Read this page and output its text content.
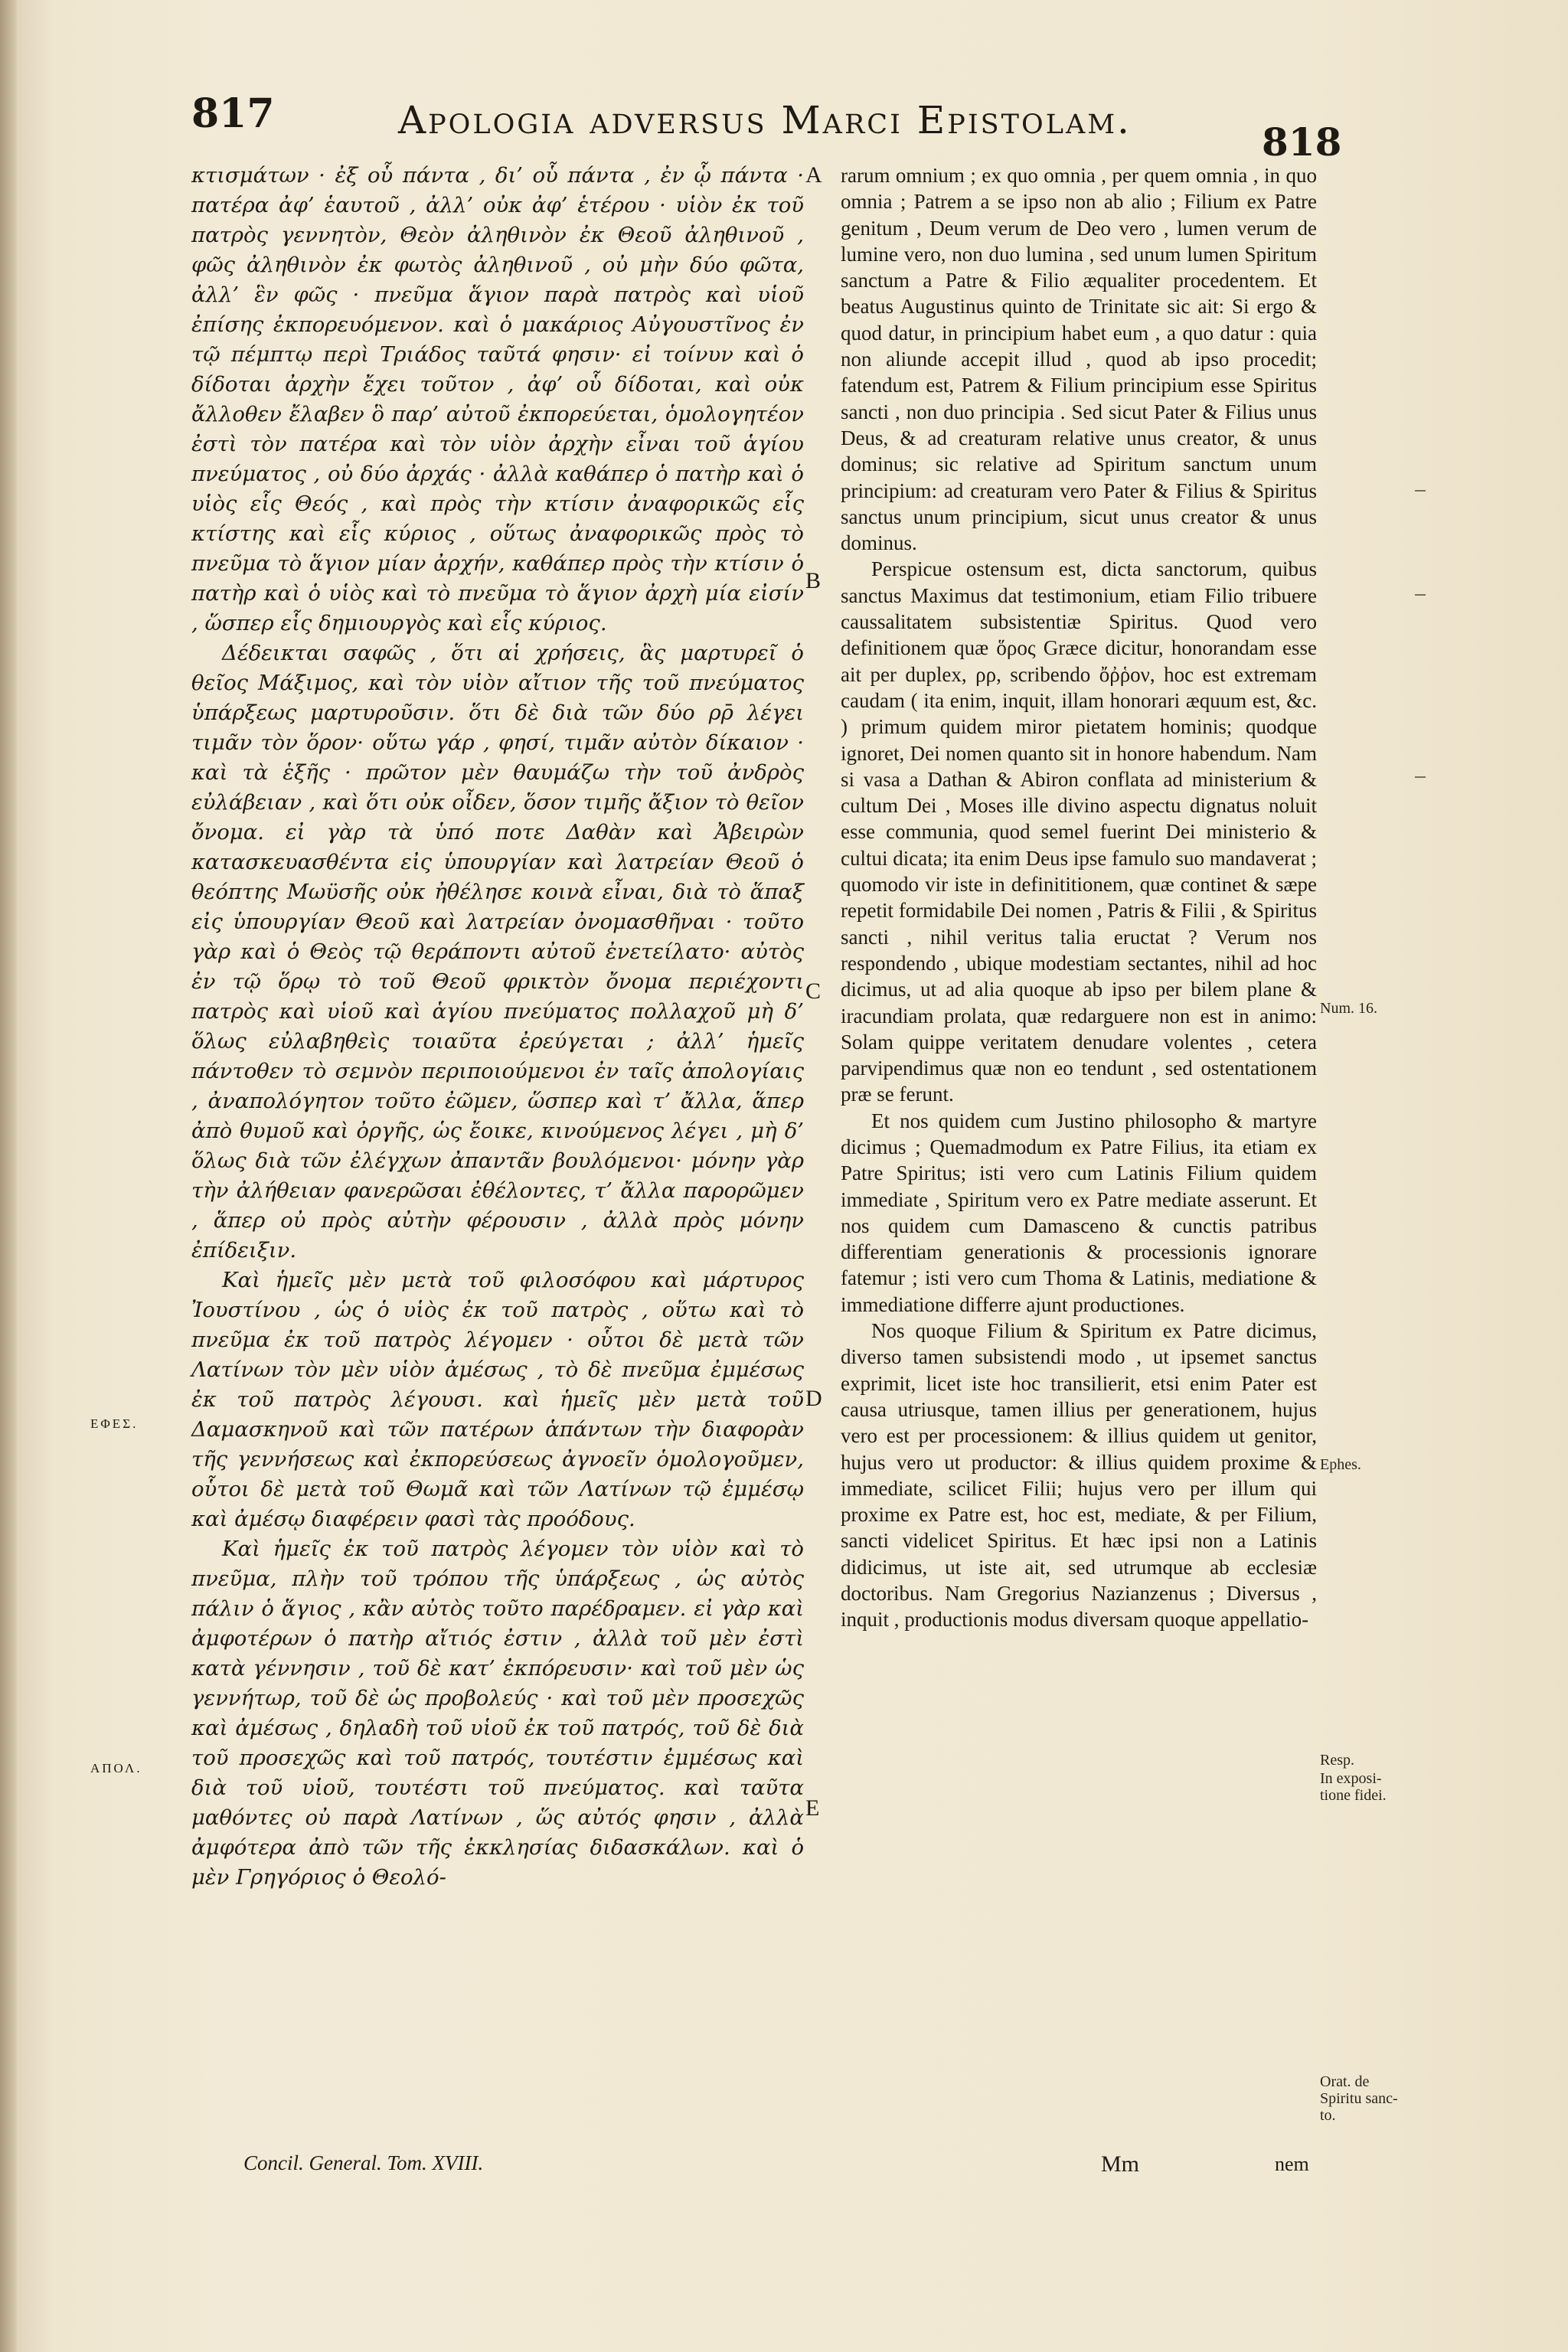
817	Apologia adversus Marci Epistolam.	818

κτισμάτων · ἐξ οὗ πάντα , δι’ οὗ πάντα , ἐν ᾧ πάντα · πατέρα ἀφ’ ἑαυτοῦ , ἀλλ’ οὐκ ἀφ’ ἑτέρου · υἱὸν ἐκ τοῦ πατρὸς γεννητὸν, Θεὸν ἀληθινὸν ἐκ Θεοῦ ἀληθινοῦ , φῶς ἀληθινὸν ἐκ φωτὸς ἀληθινοῦ , οὐ μὴν δύο φῶτα, ἀλλ’ ἓν φῶς · πνεῦμα ἅγιον παρὰ πατρὸς καὶ υἱοῦ ἐπίσης ἐκπορευόμενον. καὶ ὁ μακάριος Αὐγουστῖνος ἐν τῷ πέμπτῳ περὶ Τριάδος ταῦτά φησιν· εἰ τοίνυν καὶ ὁ δίδοται ἀρχὴν ἔχει τοῦτον , ἀφ’ οὗ δίδοται, καὶ οὐκ ἄλλοθεν ἔλαβεν ὃ παρ’ αὐτοῦ ἐκπορεύεται, ὁμολογητέον ἐστὶ τὸν πατέρα καὶ τὸν υἱὸν ἀρχὴν εἶναι τοῦ ἁγίου πνεύματος , οὐ δύο ἀρχάς · ἀλλὰ καθάπερ ὁ πατὴρ καὶ ὁ υἱὸς εἷς Θεός , καὶ πρὸς τὴν κτίσιν ἀναφορικῶς εἷς κτίστης καὶ εἷς κύριος , οὕτως ἀναφορικῶς πρὸς τὸ πνεῦμα τὸ ἅγιον μίαν ἀρχήν, καθάπερ πρὸς τὴν κτίσιν ὁ πατὴρ καὶ ὁ υἱὸς καὶ τὸ πνεῦμα τὸ ἅγιον ἀρχὴ μία εἰσίν , ὥσπερ εἷς δημιουργὸς καὶ εἷς κύριος.

Δέδεικται σαφῶς , ὅτι αἱ χρήσεις, ἃς μαρτυρεῖ ὁ θεῖος Μάξιμος, καὶ τὸν υἱὸν αἴτιον τῆς τοῦ πνεύματος ὑπάρξεως μαρτυροῦσιν. ὅτι δὲ διὰ τῶν δύο ρρ̄ λέγει τιμᾶν τὸν ὅρον· οὕτω γάρ , φησί, τιμᾶν αὐτὸν δίκαιον · καὶ τὰ ἑξῆς · πρῶτον μὲν θαυμάζω τὴν τοῦ ἀνδρὸς εὐλάβειαν , καὶ ὅτι οὐκ οἶδεν, ὅσον τιμῆς ἄξιον τὸ θεῖον ὄνομα. εἰ γὰρ τὰ ὑπό ποτε Δαθὰν καὶ Ἀβειρὼν κατασκευασθέντα εἰς ὑπουργίαν καὶ λατρείαν Θεοῦ ὁ θεόπτης Μωϋσῆς οὐκ ἠθέλησε κοινὰ εἶναι, διὰ τὸ ἅπαξ εἰς ὑπουργίαν Θεοῦ καὶ λατρείαν ὀνομασθῆναι · τοῦτο γὰρ καὶ ὁ Θεὸς τῷ θεράποντι αὐτοῦ ἐνετείλατο· αὐτὸς ἐν τῷ ὅρῳ τὸ τοῦ Θεοῦ φρικτὸν ὄνομα περιέχοντι πατρὸς καὶ υἱοῦ καὶ ἁγίου πνεύματος πολλαχοῦ μὴ δ’ ὅλως εὐλαβηθεὶς τοιαῦτα ἐρεύγεται ; ἀλλ’ ἡμεῖς πάντοθεν τὸ σεμνὸν περιποιούμενοι ἐν ταῖς ἀπολογίαις , ἀναπολόγητον τοῦτο ἐῶμεν, ὥσπερ καὶ τ’ ἄλλα, ἅπερ ἀπὸ θυμοῦ καὶ ὀργῆς, ὡς ἔοικε, κινούμενος λέγει , μὴ δ’ ὅλως διὰ τῶν ἐλέγχων ἀπαντᾶν βουλόμενοι· μόνην γὰρ τὴν ἀλήθειαν φανερῶσαι ἐθέλοντες, τ’ ἄλλα παρορῶμεν , ἅπερ οὐ πρὸς αὐτὴν φέρουσιν , ἀλλὰ πρὸς μόνην ἐπίδειξιν.

Καὶ ἡμεῖς μὲν μετὰ τοῦ φιλοσόφου καὶ μάρτυρος Ἰουστίνου , ὡς ὁ υἱὸς ἐκ τοῦ πατρὸς , οὕτω καὶ τὸ πνεῦμα ἐκ τοῦ πατρὸς λέγομεν · οὗτοι δὲ μετὰ τῶν Λατίνων τὸν μὲν υἱὸν ἀμέσως , τὸ δὲ πνεῦμα ἐμμέσως ἐκ τοῦ πατρὸς λέγουσι. καὶ ἡμεῖς μὲν μετὰ τοῦ Δαμασκηνοῦ καὶ τῶν πατέρων ἁπάντων τὴν διαφορὰν τῆς γεννήσεως καὶ ἐκπορεύσεως ἀγνοεῖν ὁμολογοῦμεν, οὗτοι δὲ μετὰ τοῦ Θωμᾶ καὶ τῶν Λατίνων τῷ ἐμμέσῳ καὶ ἀμέσῳ διαφέρειν φασὶ τὰς προόδους.

Καὶ ἡμεῖς ἐκ τοῦ πατρὸς λέγομεν τὸν υἱὸν καὶ τὸ πνεῦμα, πλὴν τοῦ τρόπου τῆς ὑπάρξεως , ὡς αὐτὸς πάλιν ὁ ἅγιος , κἂν αὐτὸς τοῦτο παρέδραμεν. εἰ γὰρ καὶ ἀμφοτέρων ὁ πατὴρ αἴτιός ἐστιν , ἀλλὰ τοῦ μὲν ἐστὶ κατὰ γέννησιν , τοῦ δὲ κατ’ ἐκπόρευσιν· καὶ τοῦ μὲν ὡς γεννήτωρ, τοῦ δὲ ὡς προβολεύς · καὶ τοῦ μὲν προσεχῶς καὶ ἀμέσως , δηλαδὴ τοῦ υἱοῦ ἐκ τοῦ πατρός, τοῦ δὲ διὰ τοῦ προσεχῶς καὶ τοῦ πατρός, τουτέστιν ἐμμέσως καὶ διὰ τοῦ υἱοῦ, τουτέστι τοῦ πνεύματος. καὶ ταῦτα μαθόντες οὐ παρὰ Λατίνων , ὥς αὐτός φησιν , ἀλλὰ ἀμφότερα ἀπὸ τῶν τῆς ἐκκλησίας διδασκάλων. καὶ ὁ μὲν Γρηγόριος ὁ Θεολό-

rarum omnium ; ex quo omnia , per quem omnia , in quo omnia ; Patrem a se ipso non ab alio ; Filium ex Patre genitum , Deum verum de Deo vero , lumen verum de lumine vero, non duo lumina , sed unum lumen Spiritum sanctum a Patre & Filio æqualiter procedentem. Et beatus Augustinus quinto de Trinitate sic ait: Si ergo & quod datur, in principium habet eum , a quo datur : quia non aliunde accepit illud , quod ab ipso procedit; fatendum est, Patrem & Filium principium esse Spiritus sancti , non duo principia . Sed sicut Pater & Filius unus Deus, & ad creaturam relative unus creator, & unus dominus; sic relative ad Spiritum sanctum unum principium: ad creaturam vero Pater & Filius & Spiritus sanctus unum principium, sicut unus creator & unus dominus.

Perspicue ostensum est, dicta sanctorum, quibus sanctus Maximus dat testimonium, etiam Filio tribuere caussalitatem subsistentiæ Spiritus. Quod vero definitionem quæ ὅρος Græce dicitur, honorandam esse ait per duplex, ρρ, scribendo ὄῤῥον, hoc est extremam caudam ( ita enim, inquit, illam honorari æquum est, &c. ) primum quidem miror pietatem hominis; quodque ignoret, Dei nomen quanto sit in honore habendum. Nam si vasa a Dathan & Abiron conflata ad ministerium & cultum Dei , Moses ille divino aspectu dignatus noluit esse communia, quod semel fuerint Dei ministerio & cultui dicata; ita enim Deus ipse famulo suo mandaverat ; quomodo vir iste in definititionem, quæ continet & sæpe repetit formidabile Dei nomen , Patris & Filii , & Spiritus sancti , nihil veritus talia eructat ? Verum nos respondendo , ubique modestiam sectantes, nihil ad hoc dicimus, ut ad alia quoque ab ipso per bilem plane & iracundiam prolata, quæ redarguere non est in animo: Solam quippe veritatem denudare volentes , cetera parvipendimus quæ non eo tendunt , sed ostentationem præ se ferunt.

Et nos quidem cum Justino philosopho & martyre dicimus ; Quemadmodum ex Patre Filius, ita etiam ex Patre Spiritus; isti vero cum Latinis Filium quidem immediate , Spiritum vero ex Patre mediate asserunt. Et nos quidem cum Damasceno & cunctis patribus differentiam generationis & processionis ignorare fatemur ; isti vero cum Thoma & Latinis, mediatione & immediatione differre ajunt productiones.

Nos quoque Filium & Spiritum ex Patre dicimus, diverso tamen subsistendi modo , ut ipsemet sanctus exprimit, licet iste hoc transilierit, etsi enim Pater est causa utriusque, tamen illius per generationem, hujus vero est per processionem: & illius quidem ut genitor, hujus vero ut productor: & illius quidem proxime & immediate, scilicet Filii; hujus vero per illum qui proxime ex Patre est, hoc est, mediate, & per Filium, sancti videlicet Spiritus. Et hæc ipsi non a Latinis didicimus, ut iste ait, sed utrumque ab ecclesiæ doctoribus. Nam Gregorius Nazianzenus ; Diversus , inquit , productionis modus diversam quoque appellatio-

A
B
C
D
E
ΕΦΕΣ.
ΑΠΟΛ.
Num. 16.
Ephes.
Resp.
In exposi-tione fidei.
Orat. de Spiritu sanc-to.
Concil. General. Tom. XVIII.	Mm	nem
